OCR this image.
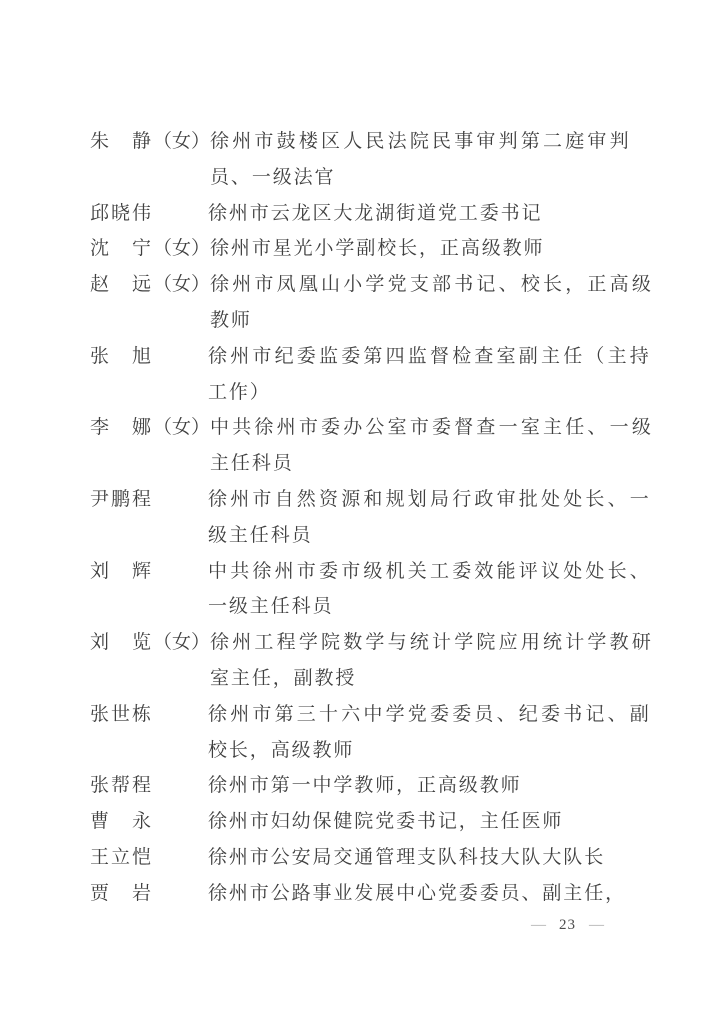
朱　静（女） 徐州市鼓楼区人民法院民事审判第二庭审判
员、一级法官
邱晓伟	徐州市云龙区大龙湖街道党工委书记
沈　宁（女） 徐州市星光小学副校长，正高级教师
赵　远（女） 徐州市凤凰山小学党支部书记、校长，正高级
教师
张　旭	徐州市纪委监委第四监督检查室副主任（主持
工作）
李　娜（女） 中共徐州市委办公室市委督查一室主任、一级
主任科员
尹鹏程	徐州市自然资源和规划局行政审批处处长、一
级主任科员
刘　辉	中共徐州市委市级机关工委效能评议处处长、
一级主任科员
刘　览（女） 徐州工程学院数学与统计学院应用统计学教研
室主任，副教授
张世栋	徐州市第三十六中学党委委员、纪委书记、副
校长，高级教师
张帮程	徐州市第一中学教师，正高级教师
曹　永	徐州市妇幼保健院党委书记，主任医师
王立恺	徐州市公安局交通管理支队科技大队大队长
贾　岩	徐州市公路事业发展中心党委委员、副主任，
— 23 —
